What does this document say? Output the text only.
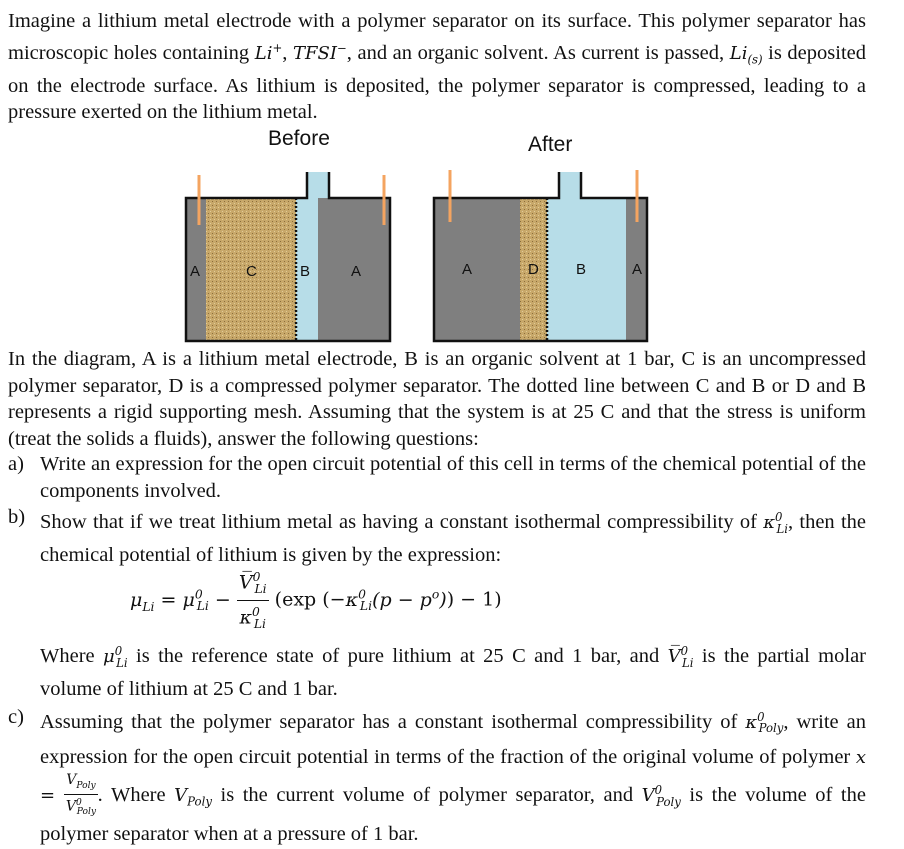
Imagine a lithium metal electrode with a polymer separator on its surface. This polymer separator has microscopic holes containing Li+, TFSI−, and an organic solvent. As current is passed, $Li_{(s)}$ is deposited on the electrode surface. As lithium is deposited, the polymer separator is compressed, leading to a pressure exerted on the lithium metal.

Before	After
A	C	B	A	A	D B	A

In the diagram, A is a lithium metal electrode, B is an organic solvent at 1 bar, C is an uncompressed polymer separator, D is a compressed polymer separator. The dotted line between C and B or D and B represents a rigid supporting mesh. Assuming that the system is at 25 C and that the stress is uniform (treat the solids a fluids), answer the following questions:

a) Write an expression for the open circuit potential of this cell in terms of the chemical potential of the components involved.

b) Show that if we treat lithium metal as having a constant isothermal compressibility of $\kappa^0_{Li}$, then the chemical potential of lithium is given by the expression:

$\mu_{Li} = \mu^0_{Li} - \frac{V̅^0_{Li}}{\kappa^0_{Li}} (\exp$ $(-\kappa^0_{Li}(p - p^o)) - 1$)

Where $\mu^0_{Li}$ is the reference state of pure lithium at 25 C and 1 bar, and V̅$^0_{Li}$ is the partial molar volume of lithium at 25 C and 1 bar.

c) Assuming that the polymer separator has a constant isothermal compressibility of $\kappa^0_{Poly}$, write an expression for the open circuit potential in terms of the fraction of the original volume of polymer $x = \frac{V_{Poly}}{V^0_{Poly}}$ . Where $V_{Poly}$ is the current volume of polymer separator, and $V^0_{Poly}$ is the volume of the polymer separator when at a pressure of 1 bar.
